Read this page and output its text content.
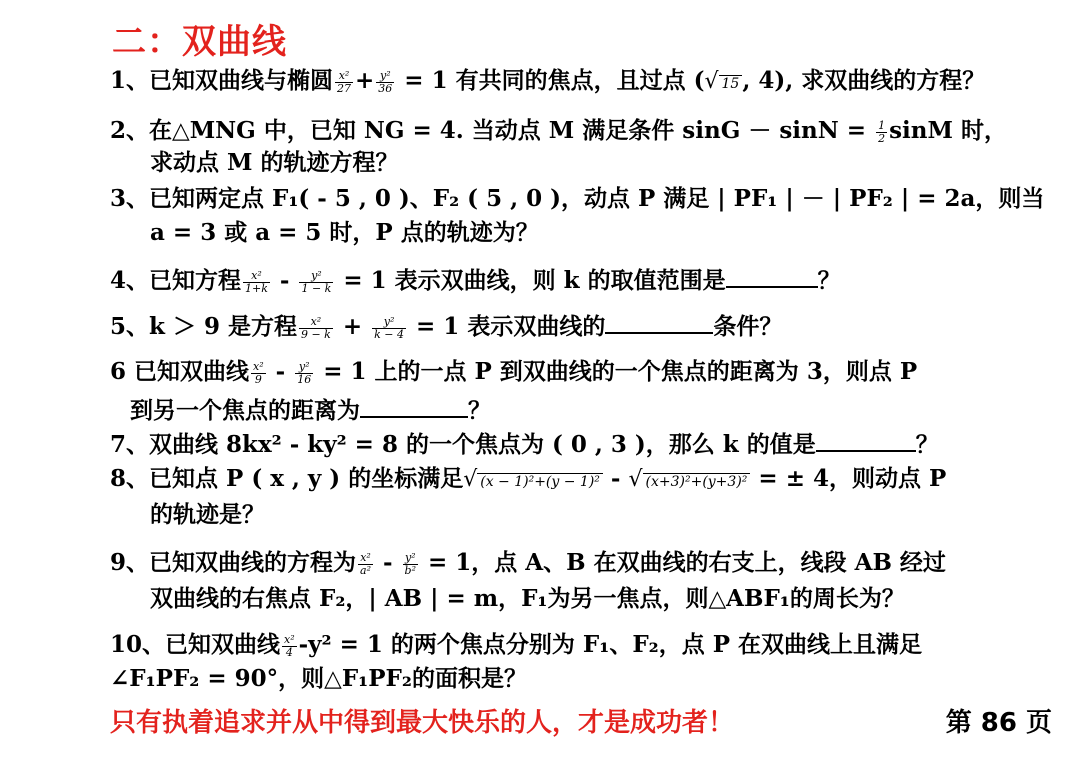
二：双曲线
1、已知双曲线与椭圆 $\frac{\text{x²}}{27} + \frac{\text{y²}}{36} = 1$ 有共同的焦点，且过点 (√ 15 , 4), 求双曲线的方程？
2、在△MNG 中，已知 NG = 4. 当动点 M 满足条件 $\sin G - \sin N = \frac{1}{2}$ sinM 时，
求动点 M 的轨迹方程？
3、已知两定点 F₁( - 5 , 0 )、F₂ ( 5 , 0 )，动点 P 满足 | PF₁ | － | PF₂ | = 2a，则当
a = 3 或 a = 5 时，P 点的轨迹为？
4、已知方程 $\frac{\text{x²}}{1+k} - \frac{\text{y²}}{1 - k} = 1$ 表示双曲线，则 k 的取值范围是	？
5、k ＞ 9 是方程 $\frac{\text{x²}}{9 - k} + \frac{\text{y²}}{k - 4} = 1$ 表示双曲线的	条件？
6 已知双曲线 $\frac{\text{x²}}{9} - \frac{\text{y²}}{16} = 1$ 上的一点 P 到双曲线的一个焦点的距离为 3，则点 P
到另一个焦点的距离为	？
7、双曲线 8kx² - ky² = 8 的一个焦点为 ( 0 , 3 )，那么 k 的值是	？
8、已知点 P ( x , y ) 的坐标满足√ (x − 1)²+(y − 1)² - √ (x+3)²+(y+3)² = ± 4，则动点 P
的轨迹是？
9、已知双曲线的方程为 $\frac{\text{x²}}{\text{a²}} - \frac{\text{y²}}{\text{b²}} = 1$，点 A、B 在双曲线的右支上，线段 AB 经过
双曲线的右焦点 F₂，| AB | = m，F₁为另一焦点，则△ABF₁的周长为？
10、已知双曲线 $\frac{\text{x²}}{4} -y^2 = 1$ 的两个焦点分别为 F₁、F₂，点 P 在双曲线上且满足
∠F₁PF₂ = 90°，则△F₁PF₂的面积是？
只有执着追求并从中得到最大快乐的人，才是成功者！	第 86 页
